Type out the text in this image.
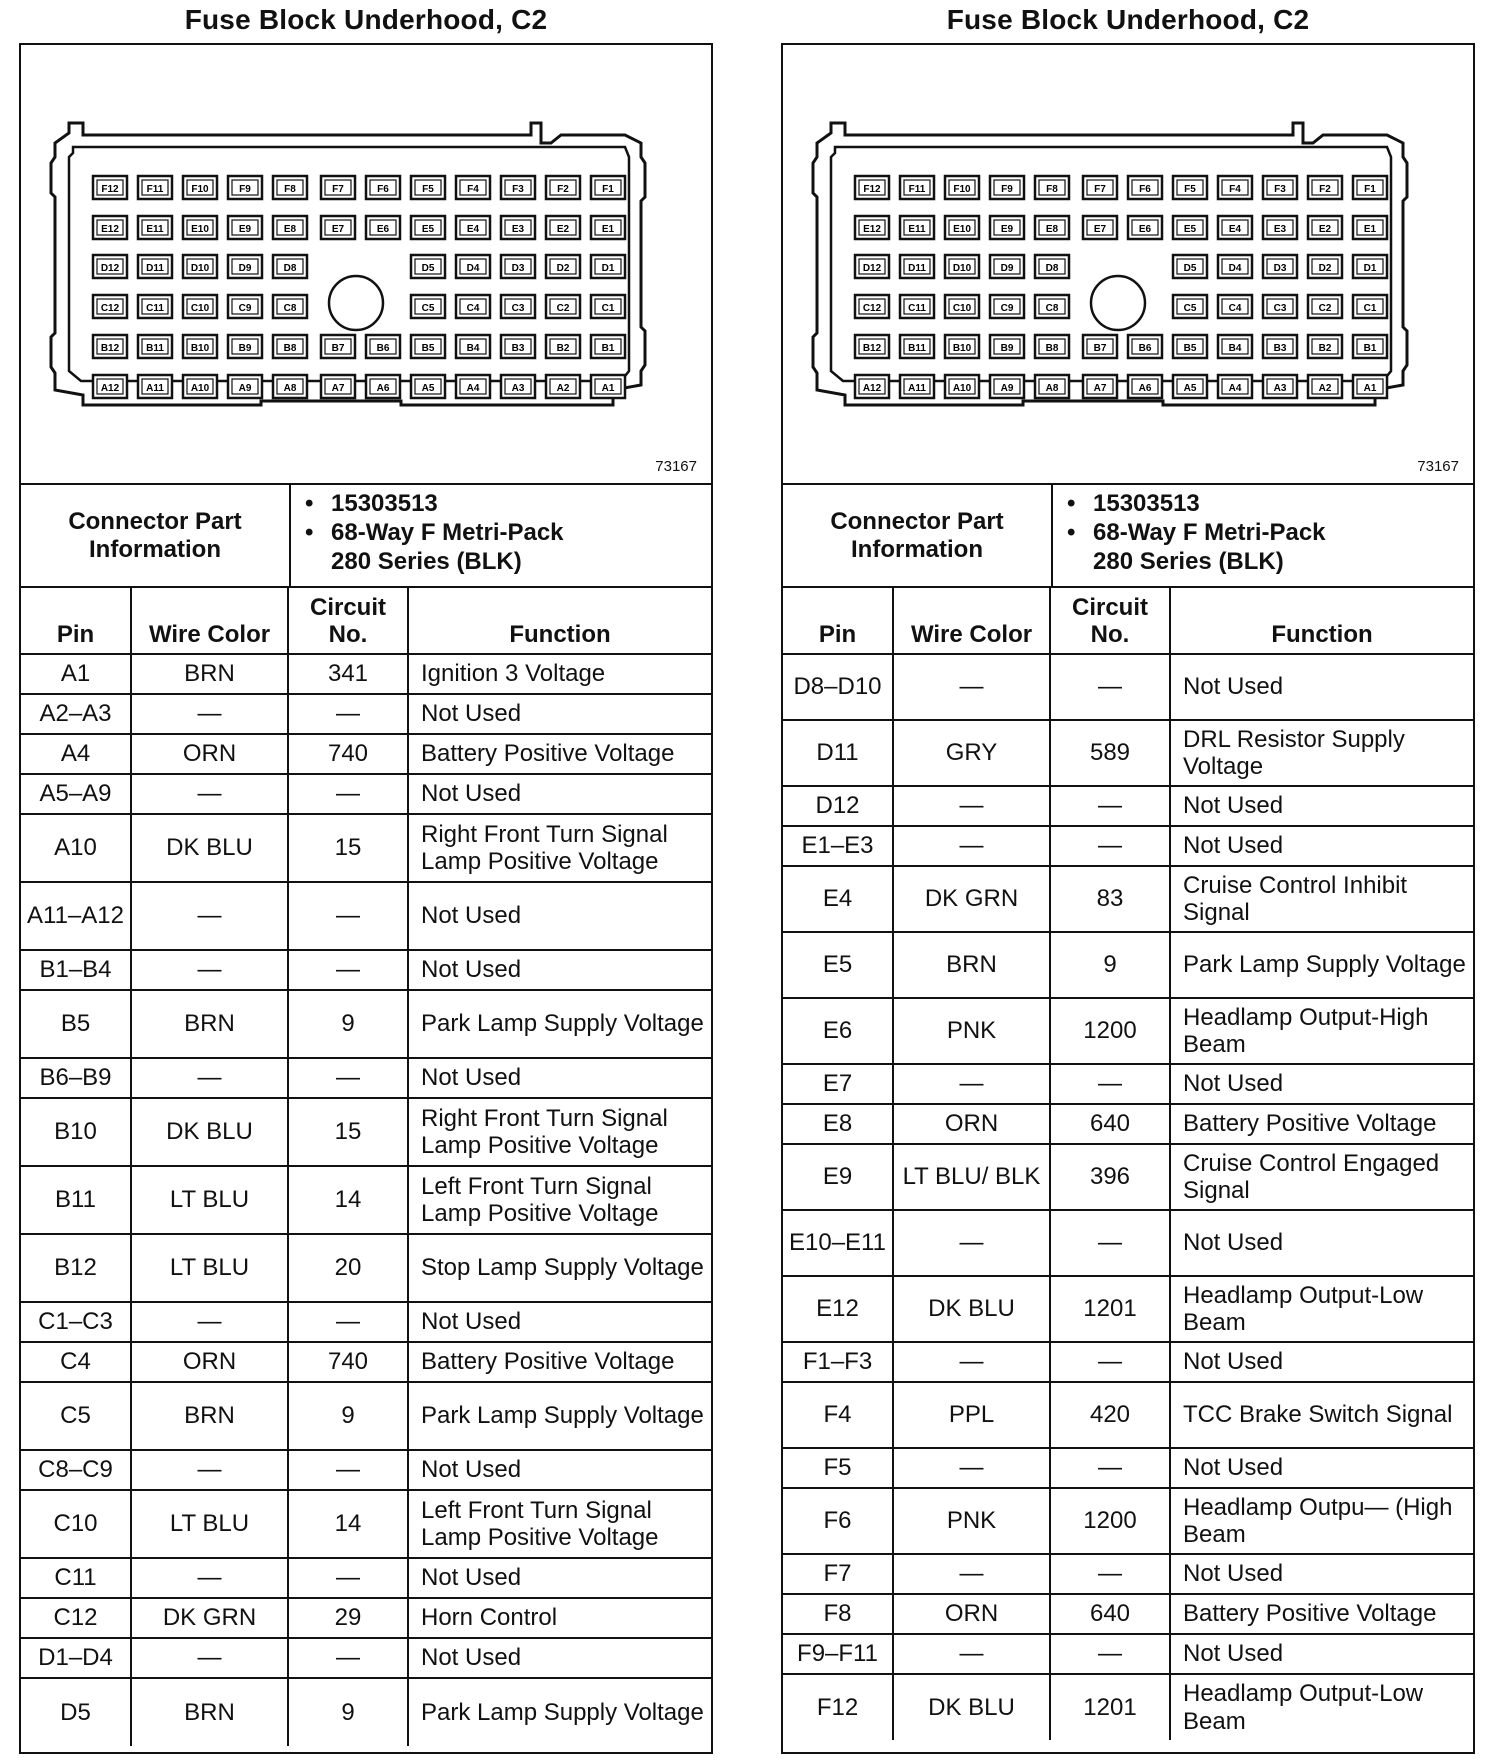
Fuse Block Underhood, C2
F12	F11	F10	F9	F8	F7	F6	F5	F4	F3	F2	F1
E12	E11	E10	E9	E8	E7	E6	E5	E4	E3	E2	E1
D12	D11	D10	D9	D8	D5	D4	D3	D2	D1
C12	C11	C10	C9	C8	C5	C4	C3	C2	C1
B12	B11	B10	B9	B8	B7	B6	B5	B4	B3	B2	B1
A12	A11	A10	A9	A8	A7	A6	A5	A4	A3	A2	A1
73167
Connector Part Information
• 15303513
• 68-Way F Metri-Pack
280 Series (BLK)
Pin	Wire Color	Circuit No.	Function
A1	BRN	341	Ignition 3 Voltage
A2–A3	—	—	Not Used
A4	ORN	740	Battery Positive Voltage
A5–A9	—	—	Not Used
A10	DK BLU	15	Right Front Turn Signal Lamp Positive Voltage
A11–A12	—	—	Not Used
B1–B4	—	—	Not Used
B5	BRN	9	Park Lamp Supply Voltage
B6–B9	—	—	Not Used
B10	DK BLU	15	Right Front Turn Signal Lamp Positive Voltage
B11	LT BLU	14	Left Front Turn Signal Lamp Positive Voltage
B12	LT BLU	20	Stop Lamp Supply Voltage
C1–C3	—	—	Not Used
C4	ORN	740	Battery Positive Voltage
C5	BRN	9	Park Lamp Supply Voltage
C8–C9	—	—	Not Used
C10	LT BLU	14	Left Front Turn Signal Lamp Positive Voltage
C11	—	—	Not Used
C12	DK GRN	29	Horn Control
D1–D4	—	—	Not Used
D5	BRN	9	Park Lamp Supply Voltage
Fuse Block Underhood, C2
F12	F11	F10	F9	F8	F7	F6	F5	F4	F3	F2	F1
E12	E11	E10	E9	E8	E7	E6	E5	E4	E3	E2	E1
D12	D11	D10	D9	D8	D5	D4	D3	D2	D1
C12	C11	C10	C9	C8	C5	C4	C3	C2	C1
B12	B11	B10	B9	B8	B7	B6	B5	B4	B3	B2	B1
A12	A11	A10	A9	A8	A7	A6	A5	A4	A3	A2	A1
73167
Connector Part Information
• 15303513
• 68-Way F Metri-Pack
280 Series (BLK)
Pin	Wire Color	Circuit No.	Function
D8–D10	—	—	Not Used
D11	GRY	589	DRL Resistor Supply Voltage
D12	—	—	Not Used
E1–E3	—	—	Not Used
E4	DK GRN	83	Cruise Control Inhibit Signal
E5	BRN	9	Park Lamp Supply Voltage
E6	PNK	1200	Headlamp Output-High Beam
E7	—	—	Not Used
E8	ORN	640	Battery Positive Voltage
E9	LT BLU/ BLK	396	Cruise Control Engaged Signal
E10–E11	—	—	Not Used
E12	DK BLU	1201	Headlamp Output-Low Beam
F1–F3	—	—	Not Used
F4	PPL	420	TCC Brake Switch Signal
F5	—	—	Not Used
F6	PNK	1200	Headlamp Outpu— (High Beam
F7	—	—	Not Used
F8	ORN	640	Battery Positive Voltage
F9–F11	—	—	Not Used
F12	DK BLU	1201	Headlamp Output-Low Beam
